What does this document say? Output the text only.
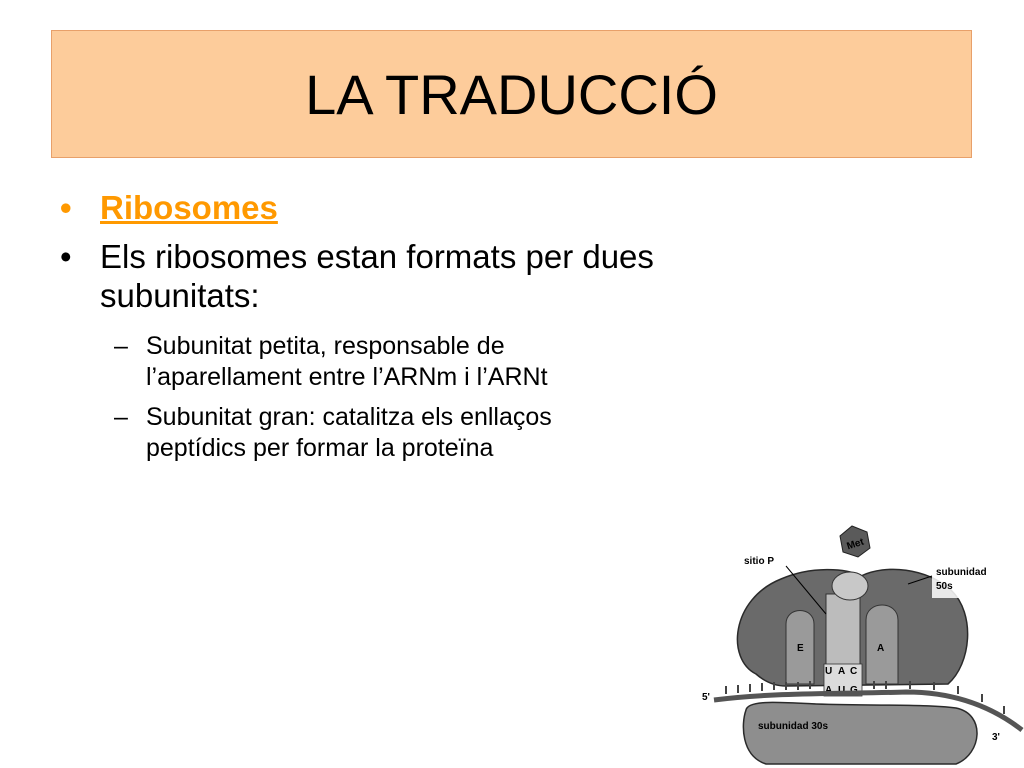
LA TRADUCCIÓ
• Ribosomes
• Els ribosomes estan formats per dues subunitats:
– Subunitat petita, responsable de l’aparellament entre l’ARNm i l’ARNt
– Subunitat gran: catalitza els enllaços peptídics per formar la proteïna
Met
U A C
A U G
sitio P
subunidad
50s
E	A
5'
3'
subunidad 30s
